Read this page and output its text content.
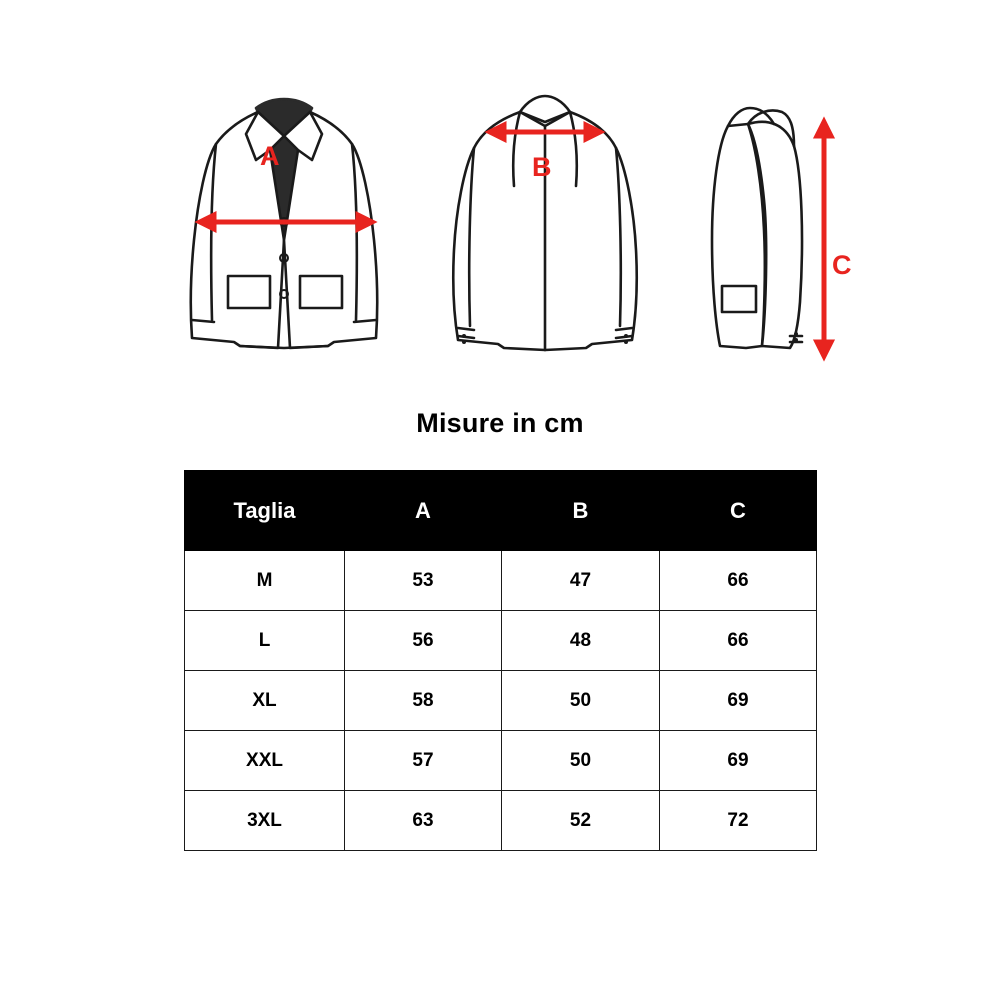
A	B
C
Misure in cm
Taglia	A	B	C
M	53	47	66
L	56	48	66
XL	58	50	69
XXL	57	50	69
3XL	63	52	72
